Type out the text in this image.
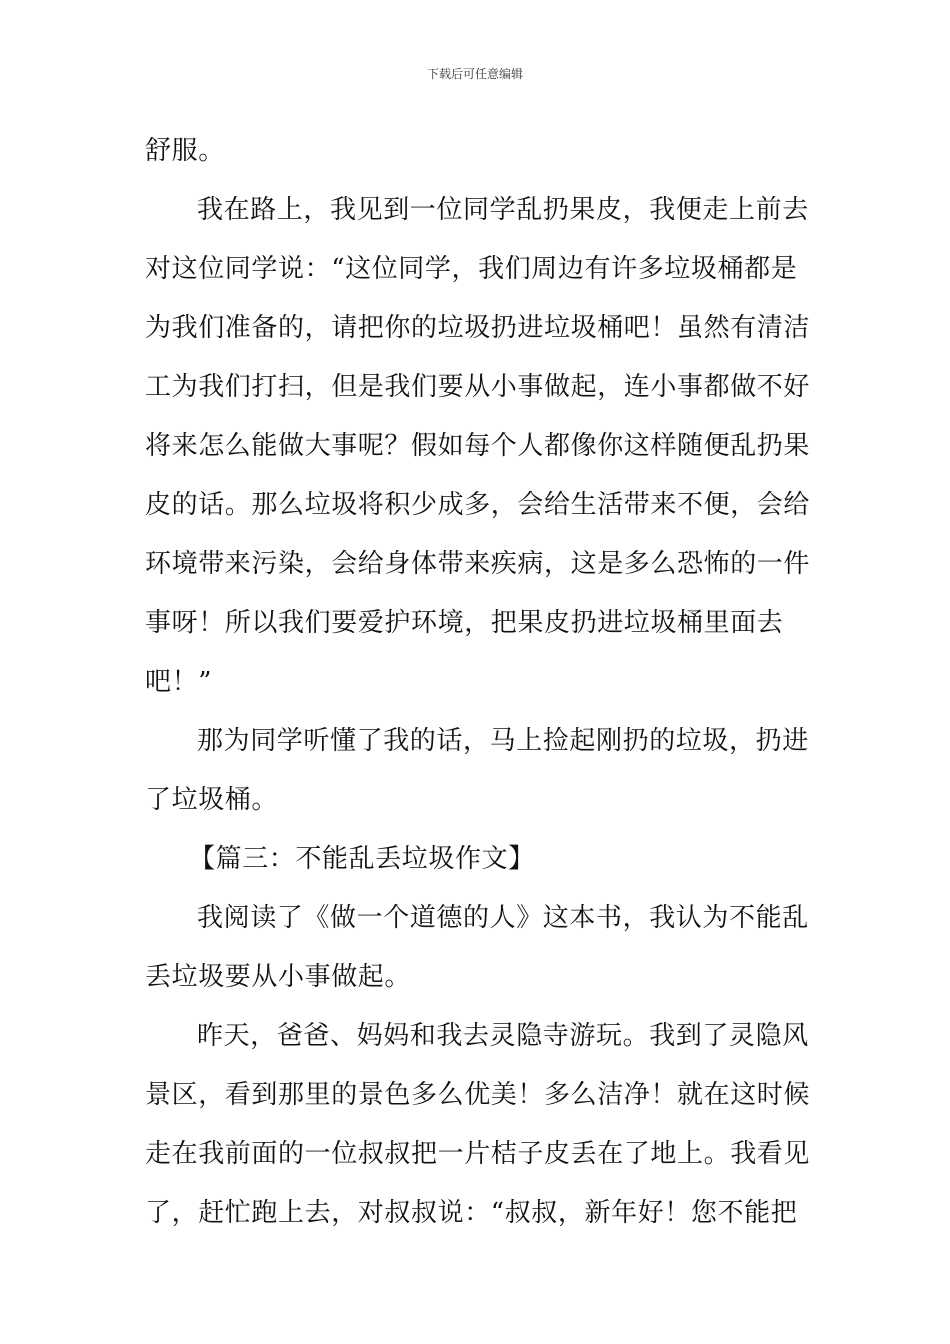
下载后可任意编辑
舒服。
我在路上，我见到一位同学乱扔果皮，我便走上前去
对这位同学说：“这位同学，我们周边有许多垃圾桶都是
为我们准备的，请把你的垃圾扔进垃圾桶吧！虽然有清洁
工为我们打扫，但是我们要从小事做起，连小事都做不好
将来怎么能做大事呢？假如每个人都像你这样随便乱扔果
皮的话。那么垃圾将积少成多，会给生活带来不便，会给
环境带来污染，会给身体带来疾病，这是多么恐怖的一件
事呀！所以我们要爱护环境，把果皮扔进垃圾桶里面去
吧！”
那为同学听懂了我的话，马上捡起刚扔的垃圾，扔进
了垃圾桶。
【篇三：不能乱丢垃圾作文】
我阅读了《做一个道德的人》这本书，我认为不能乱
丢垃圾要从小事做起。
昨天，爸爸、妈妈和我去灵隐寺游玩。我到了灵隐风
景区，看到那里的景色多么优美！多么洁净！就在这时候
走在我前面的一位叔叔把一片桔子皮丢在了地上。我看见
了，赶忙跑上去，对叔叔说：“叔叔，新年好！您不能把
